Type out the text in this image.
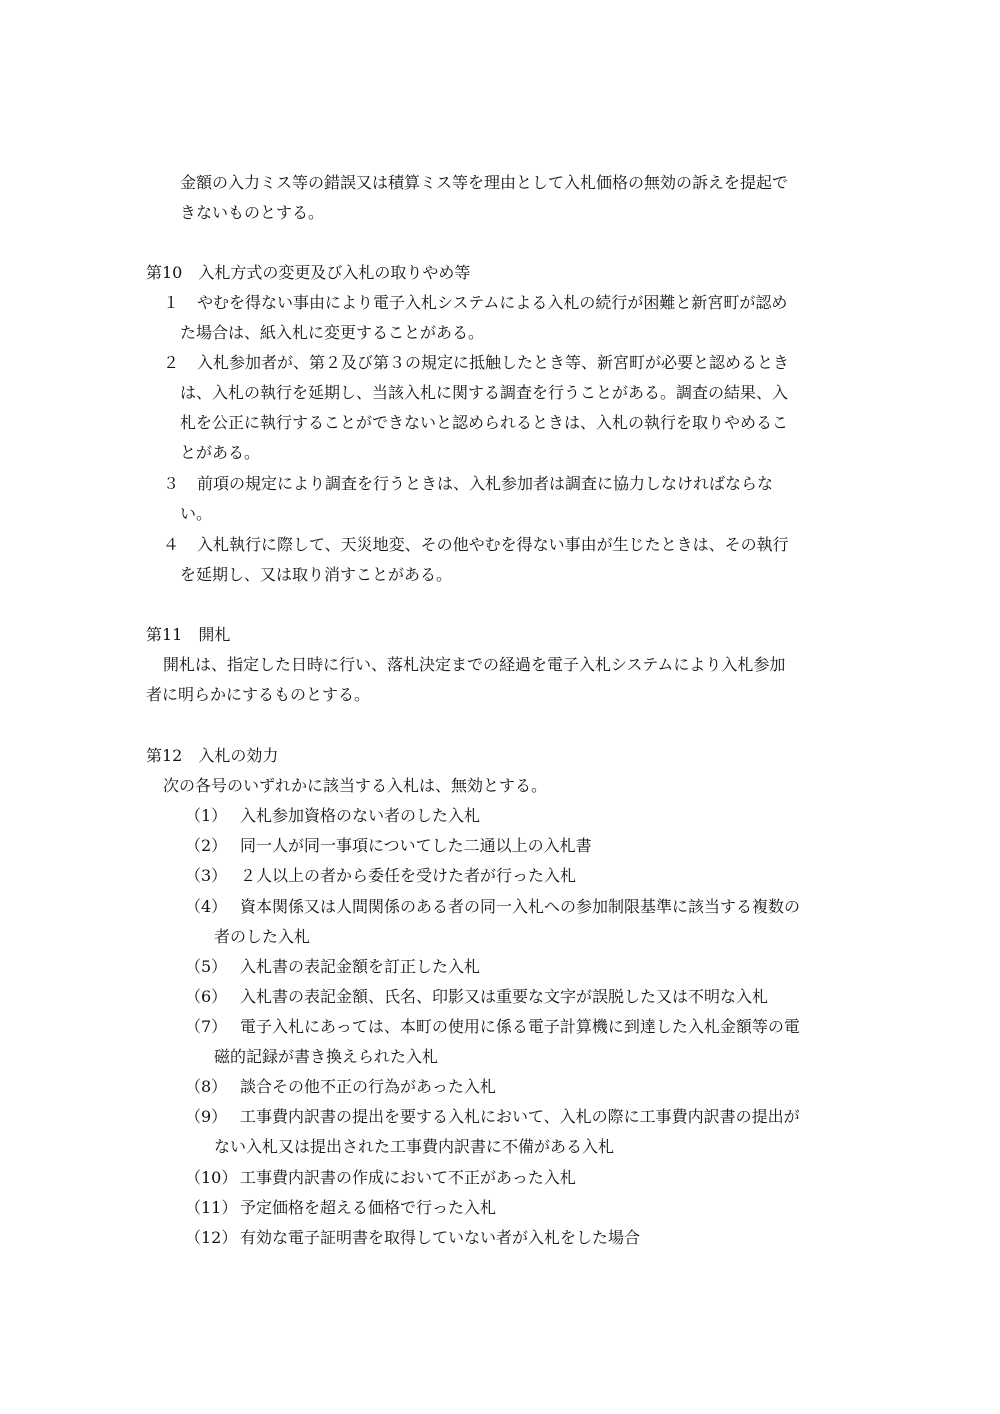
金額の入力ミス等の錯誤又は積算ミス等を理由として入札価格の無効の訴えを提起で
きないものとする。
第10　入札方式の変更及び入札の取りやめ等
１ やむを得ない事由により電子入札システムによる入札の続行が困難と新宮町が認め
た場合は、紙入札に変更することがある。
２ 入札参加者が、第２及び第３の規定に抵触したとき等、新宮町が必要と認めるとき
は、入札の執行を延期し、当該入札に関する調査を行うことがある。調査の結果、入
札を公正に執行することができないと認められるときは、入札の執行を取りやめるこ
とがある。
３ 前項の規定により調査を行うときは、入札参加者は調査に協力しなければならな
い。
４ 入札執行に際して、天災地変、その他やむを得ない事由が生じたときは、その執行
を延期し、又は取り消すことがある。
第11　開札
開札は、指定した日時に行い、落札決定までの経過を電子入札システムにより入札参加
者に明らかにするものとする。
第12　入札の効力
次の各号のいずれかに該当する入札は、無効とする。
（1） 入札参加資格のない者のした入札
（2） 同一人が同一事項についてした二通以上の入札書
（3） ２人以上の者から委任を受けた者が行った入札
（4） 資本関係又は人間関係のある者の同一入札への参加制限基準に該当する複数の
者のした入札
（5） 入札書の表記金額を訂正した入札
（6） 入札書の表記金額、氏名、印影又は重要な文字が誤脱した又は不明な入札
（7） 電子入札にあっては、本町の使用に係る電子計算機に到達した入札金額等の電
磁的記録が書き換えられた入札
（8） 談合その他不正の行為があった入札
（9） 工事費内訳書の提出を要する入札において、入札の際に工事費内訳書の提出が
ない入札又は提出された工事費内訳書に不備がある入札
（10） 工事費内訳書の作成において不正があった入札
（11） 予定価格を超える価格で行った入札
（12） 有効な電子証明書を取得していない者が入札をした場合
